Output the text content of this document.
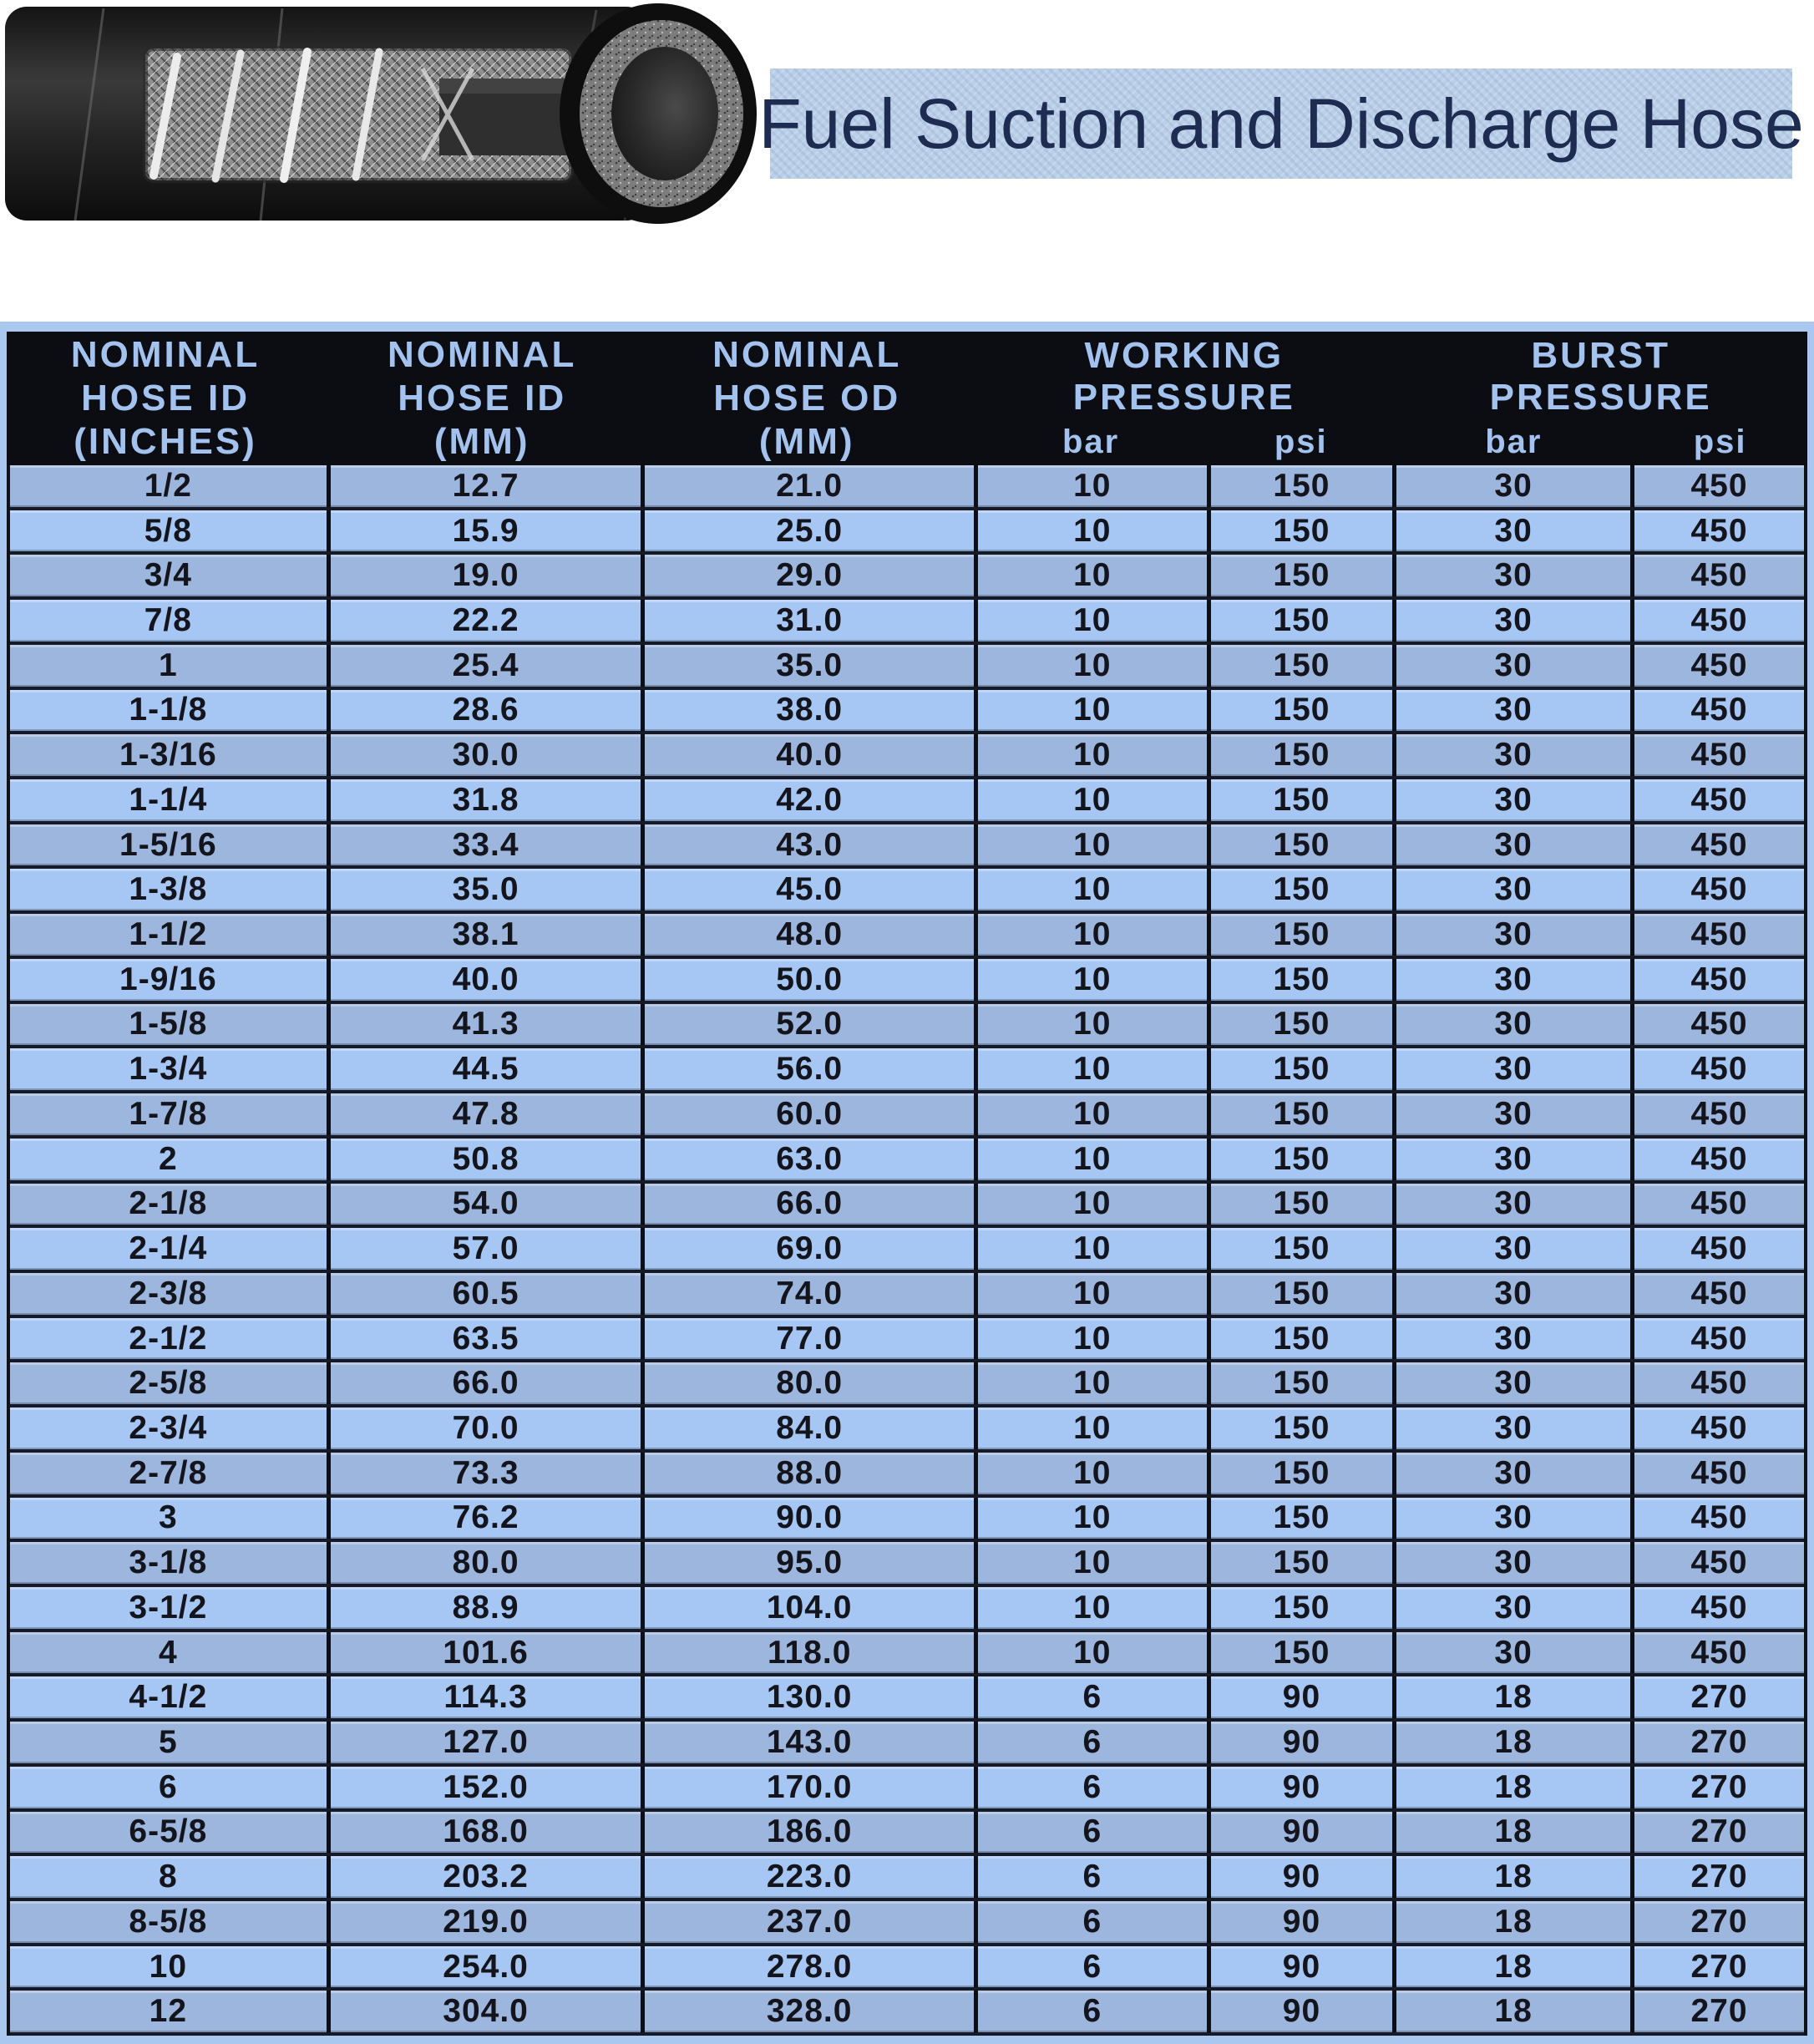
Fuel Suction and Discharge Hose
NOMINAL
HOSE ID
(INCHES)
NOMINAL
HOSE ID
(MM)
NOMINAL
HOSE OD
(MM)
WORKING
PRESSURE
BURST
PRESSURE
bar	psi	bar	psi
1/2	12.7	21.0	10	150	30	450
5/8	15.9	25.0	10	150	30	450
3/4	19.0	29.0	10	150	30	450
7/8	22.2	31.0	10	150	30	450
1	25.4	35.0	10	150	30	450
1-1/8	28.6	38.0	10	150	30	450
1-3/16	30.0	40.0	10	150	30	450
1-1/4	31.8	42.0	10	150	30	450
1-5/16	33.4	43.0	10	150	30	450
1-3/8	35.0	45.0	10	150	30	450
1-1/2	38.1	48.0	10	150	30	450
1-9/16	40.0	50.0	10	150	30	450
1-5/8	41.3	52.0	10	150	30	450
1-3/4	44.5	56.0	10	150	30	450
1-7/8	47.8	60.0	10	150	30	450
2	50.8	63.0	10	150	30	450
2-1/8	54.0	66.0	10	150	30	450
2-1/4	57.0	69.0	10	150	30	450
2-3/8	60.5	74.0	10	150	30	450
2-1/2	63.5	77.0	10	150	30	450
2-5/8	66.0	80.0	10	150	30	450
2-3/4	70.0	84.0	10	150	30	450
2-7/8	73.3	88.0	10	150	30	450
3	76.2	90.0	10	150	30	450
3-1/8	80.0	95.0	10	150	30	450
3-1/2	88.9	104.0	10	150	30	450
4	101.6	118.0	10	150	30	450
4-1/2	114.3	130.0	6	90	18	270
5	127.0	143.0	6	90	18	270
6	152.0	170.0	6	90	18	270
6-5/8	168.0	186.0	6	90	18	270
8	203.2	223.0	6	90	18	270
8-5/8	219.0	237.0	6	90	18	270
10	254.0	278.0	6	90	18	270
12	304.0	328.0	6	90	18	270
